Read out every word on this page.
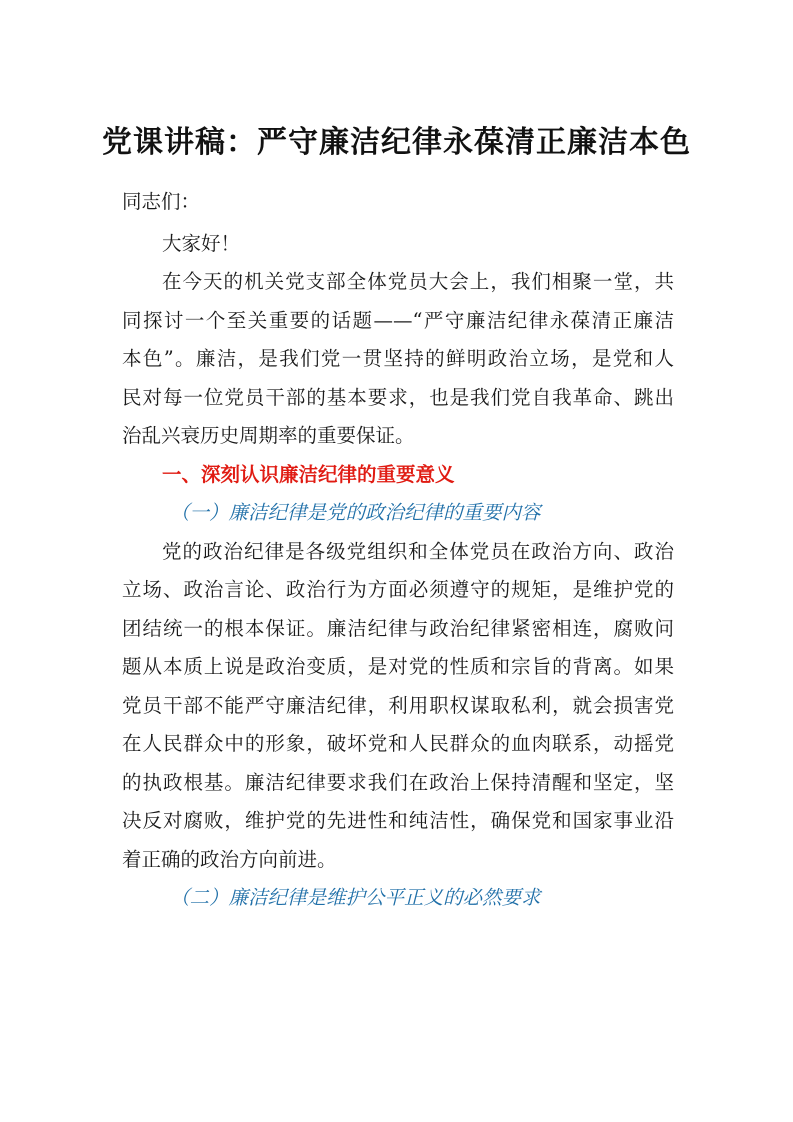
党课讲稿：严守廉洁纪律永葆清正廉洁本色
同志们：
大家好！
在今天的机关党支部全体党员大会上，我们相聚一堂，共
同探讨一个至关重要的话题——“严守廉洁纪律永葆清正廉洁
本色”。廉洁，是我们党一贯坚持的鲜明政治立场，是党和人
民对每一位党员干部的基本要求，也是我们党自我革命、跳出
治乱兴衰历史周期率的重要保证。
一、深刻认识廉洁纪律的重要意义
（一）廉洁纪律是党的政治纪律的重要内容
党的政治纪律是各级党组织和全体党员在政治方向、政治
立场、政治言论、政治行为方面必须遵守的规矩，是维护党的
团结统一的根本保证。廉洁纪律与政治纪律紧密相连，腐败问
题从本质上说是政治变质，是对党的性质和宗旨的背离。如果
党员干部不能严守廉洁纪律，利用职权谋取私利，就会损害党
在人民群众中的形象，破坏党和人民群众的血肉联系，动摇党
的执政根基。廉洁纪律要求我们在政治上保持清醒和坚定，坚
决反对腐败，维护党的先进性和纯洁性，确保党和国家事业沿
着正确的政治方向前进。
（二）廉洁纪律是维护公平正义的必然要求
